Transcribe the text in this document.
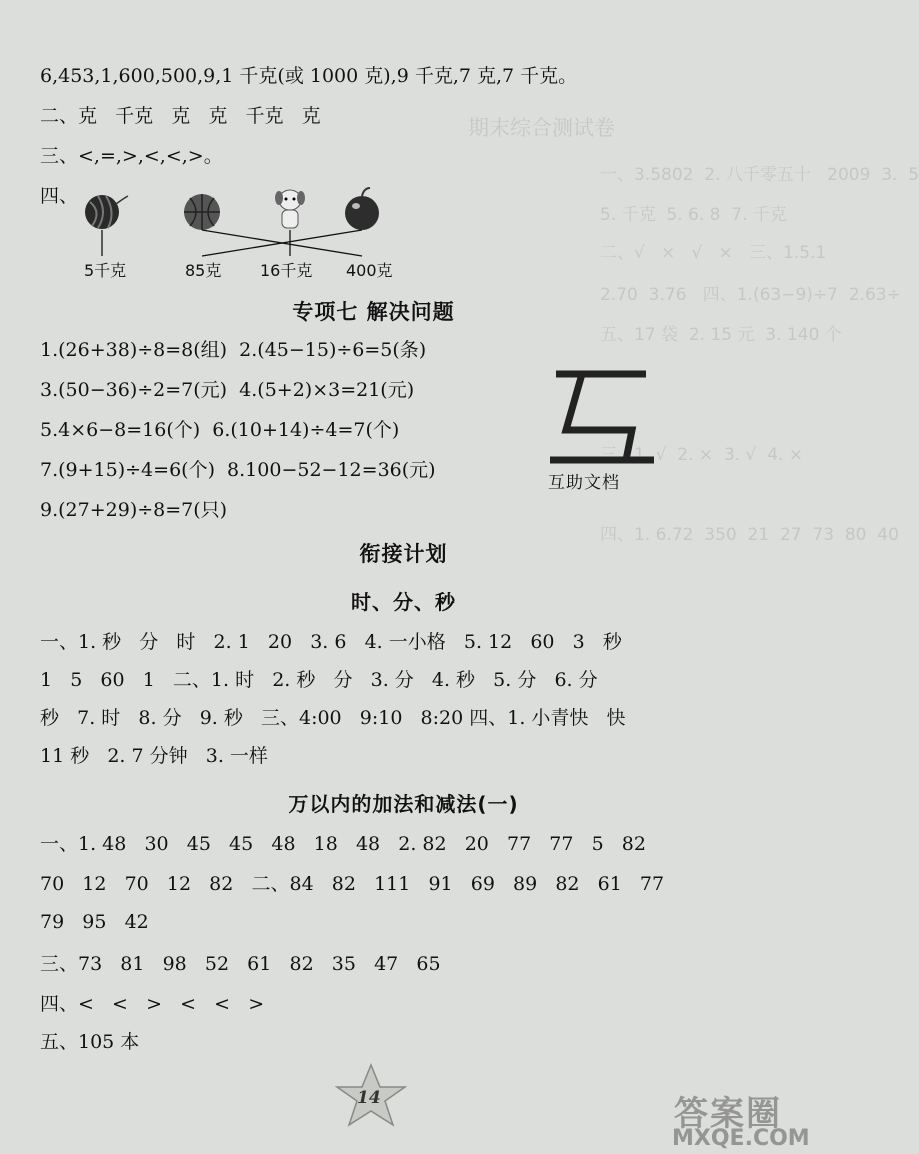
期末综合测试卷
一、3.5802  2. 八千零五十   2009  3.  5
5. 千克  5. 6. 8  7. 千克
二、√   ×   √   ×   三、1.5.1
2.70  3.76   四、1.(63−9)÷7  2.63÷
五、17 袋  2. 15 元  3. 140 个
三、1. √  2. ×  3. √  4. ×
四、1. 6.72  350  21  27  73  80  40
6,453,1,600,500,9,1 千克(或 1000 克),9 千克,7 克,7 千克。
二、克   千克   克   克   千克   克
三、<,=,>,<,<,>。
四、
5千克	85克 16千克 400克
专项七 解决问题
1.(26+38)÷8=8(组)  2.(45−15)÷6=5(条)
3.(50−36)÷2=7(元)  4.(5+2)×3=21(元)
5.4×6−8=16(个)  6.(10+14)÷4=7(个)
7.(9+15)÷4=6(个)  8.100−52−12=36(元)
9.(27+29)÷8=7(只)
互助文档
衔接计划
时、分、秒
一、1. 秒   分   时   2. 1   20   3. 6   4. 一小格   5. 12   60   3   秒
1   5   60   1   二、1. 时   2. 秒   分   3. 分   4. 秒   5. 分   6. 分
秒   7. 时   8. 分   9. 秒   三、4:00   9:10   8:20 四、1. 小青快   快
11 秒   2. 7 分钟   3. 一样
万以内的加法和减法(一)
一、1. 48   30   45   45   48   18   48   2. 82   20   77   77   5   82
70   12   70   12   82   二、84   82   111   91   69   89   82   61   77
79   95   42
三、73   81   98   52   61   82   35   47   65
四、<   <   >   <   <   >
五、105 本
14	答案圈
MXQE.COM
